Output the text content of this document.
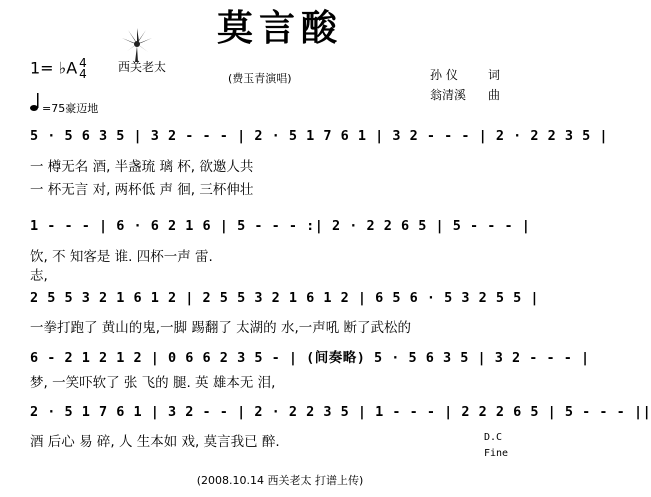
莫言酸
1= ♭A 4
4	西关老太
(费玉青演唱)	孙 仪	词
翁清溪 曲
=75豪迈地
5 · 5 6 3 5 | 3 2 - - - | 2 · 5 1 7 6 1 | 3 2 - - - | 2 · 2 2 3 5 |
一 樽无名 酒, 半盏琉 璃 杯, 欲邀人共
一 杯无言 对, 两杯低 声 徊, 三杯伸壮
1 - - - | 6 · 6 2 1 6 | 5 - - - :| 2 · 2 2 6 5 | 5 - - - |
饮, 不 知客是 谁. 四杯一声 雷.
志,
2 5 5 3 2 1 6 1 2 | 2 5 5 3 2 1 6 1 2 | 6 5 6 · 5 3 2 5 5 |
一拳打跑了 黄山的鬼,一脚 踢翻了 太湖的 水,一声吼 断了武松的
6 - 2 1 2 1 2 | 0 6 6 2 3 5 - | (间奏略) 5 · 5 6 3 5 | 3 2 - - - |
梦, 一笑吓软了 张 飞的 腿. 英 雄本无 泪,
2 · 5 1 7 6 1 | 3 2 - - | 2 · 2 2 3 5 | 1 - - - | 2 2 2 6 5 | 5 - - - ||
酒 后心 易 碎, 人 生本如 戏, 莫言我已 醉.	D.C
Fine
(2008.10.14 西关老太 打谱上传)
